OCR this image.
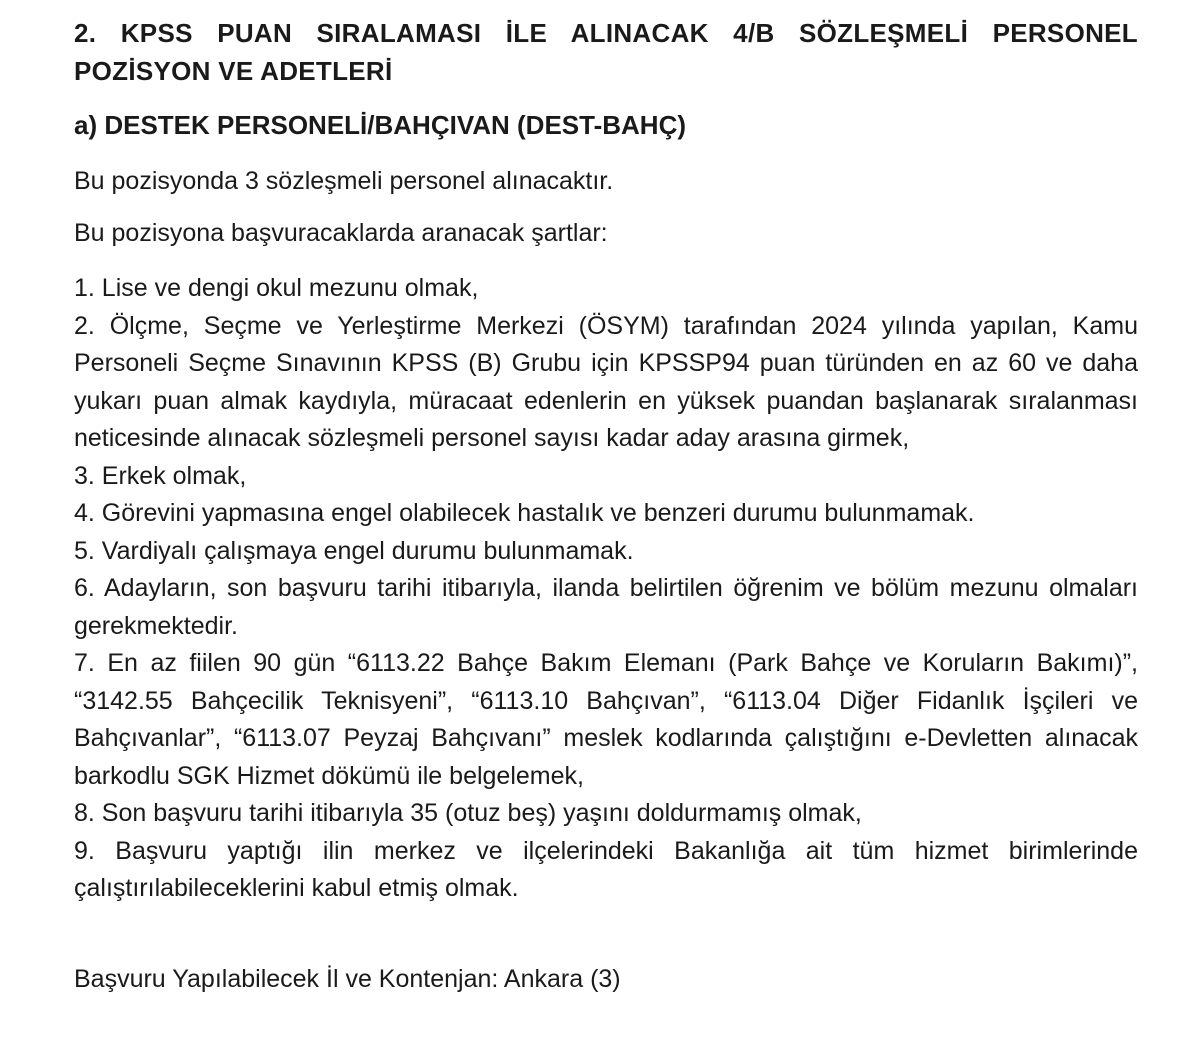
2. KPSS PUAN SIRALAMASI İLE ALINACAK 4/B SÖZLEŞMELİ PERSONEL POZİSYON VE ADETLERİ

a) DESTEK PERSONELİ/BAHÇIVAN (DEST-BAHÇ)

Bu pozisyonda 3 sözleşmeli personel alınacaktır.

Bu pozisyona başvuracaklarda aranacak şartlar:

1. Lise ve dengi okul mezunu olmak,
2. Ölçme, Seçme ve Yerleştirme Merkezi (ÖSYM) tarafından 2024 yılında yapılan, Kamu Personeli Seçme Sınavının KPSS (B) Grubu için KPSSP94 puan türünden en az 60 ve daha yukarı puan almak kaydıyla, müracaat edenlerin en yüksek puandan başlanarak sıralanması neticesinde alınacak sözleşmeli personel sayısı kadar aday arasına girmek,
3. Erkek olmak,
4. Görevini yapmasına engel olabilecek hastalık ve benzeri durumu bulunmamak.
5. Vardiyalı çalışmaya engel durumu bulunmamak.
6. Adayların, son başvuru tarihi itibarıyla, ilanda belirtilen öğrenim ve bölüm mezunu olmaları gerekmektedir.
7. En az fiilen 90 gün “6113.22 Bahçe Bakım Elemanı (Park Bahçe ve Koruların Bakımı)”, “3142.55 Bahçecilik Teknisyeni”, “6113.10 Bahçıvan”, “6113.04 Diğer Fidanlık İşçileri ve Bahçıvanlar”, “6113.07 Peyzaj Bahçıvanı” meslek kodlarında çalıştığını e-Devletten alınacak barkodlu SGK Hizmet dökümü ile belgelemek,
8. Son başvuru tarihi itibarıyla 35 (otuz beş) yaşını doldurmamış olmak,
9. Başvuru yaptığı ilin merkez ve ilçelerindeki Bakanlığa ait tüm hizmet birimlerinde çalıştırılabileceklerini kabul etmiş olmak.

Başvuru Yapılabilecek İl ve Kontenjan: Ankara (3)
